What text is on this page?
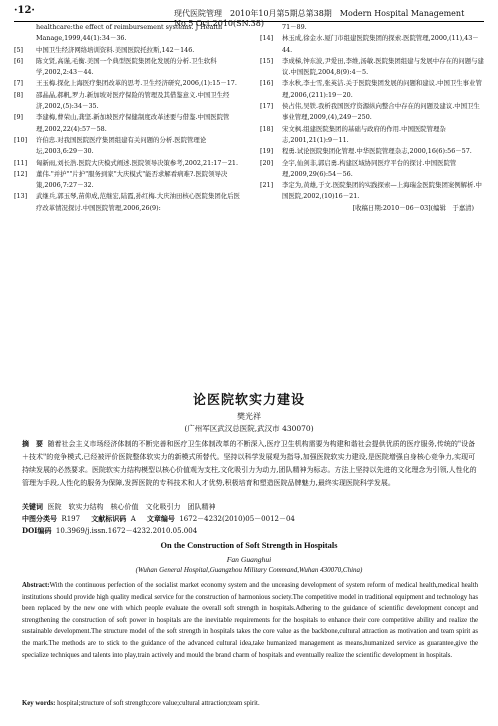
·12·	现代医院管理　2010年10月第5期总第38期　Modern Hospital Management No.5 Oct.2010(SN.38)
healthcare:the effect of reimbursement systems. J Health Manage,1999,44(1):34－36.
[5]	中国卫生经济网络培训资料.美国医院托拉斯,142－146.
[6]	陈文贤,高谨,毛衡.美国一个典型医院集团化发展的分析.卫生软科学,2002,2:43－44.
[7]	王玉梅.探化上海医疗集团改革的思考.卫生经济研究,2006,(1):15－17.
[8]	邵晶晶,郝帆,罗力.新加坡对医疗保险的管理及其借鉴意义.中国卫生经济,2002,(5):34－35.
[9]	李建梅,曹荣山,龚坚.新加坡医疗保健制度改革述要与借鉴.中国医院管理,2002,22(4):57－58.
[10]	许伯忠.对我国医院医疗集团组建有关问题的分析.医院管理论坛,2003,6:29－30.
[11]	匈新雨,刘长浩.医院大庆模式阐述.医院领导决策参考,2002,21:17－21.
[12]	董伟."并护""片护"服务到家"大庆模式"能否求解看病难?.医院领导决策,2006,7:27－32.
[13]	武继兵,郭玉琴,苗仰成,范继宏,陆霞,孙红梅.大庆油田核心医院集团化后医疗改革情况探讨.中国医院管理,2006,26(9):
71－89.
[14]	林玉成,徐金水.厦门市组建医院集团的探索.医院管理,2000,(11),43－44.
[15]	李成梯,钟东波,尹爱田,李维,汤敏.医院集团组建与发展中存在的问题与建议.中国医院,2004,8(9):4－5.
[16]	李水秋,李士雪,张英洁.关于医院集团发展的问题和建议.中国卫生事业管理,2006,(211):19－20.
[17]	侯占伟,吴铁.我析我国医疗资源纵向整合中存在的问题及建议.中国卫生事业管理,2009,(4),249－250.
[18]	宋文枫.组建医院集团的基础与政府的作用.中国医院管理杂志,2001,21(1):9－11.
[19]	程勇.试论医院集团化管理.中华医院管理杂志,2000,16(6):56－57.
[20]	全宇,仙剑非,郭启勇.构建区域协同医疗平台的探讨.中国医院管理,2009,29(6):54－56.
[21]	李定为,黄雄,于文.医院集团的实践探索—上海瑞金医院集团案例解析.中国医院,2002,(10)16－21.
[收稿日期:2010－06－03](编辑　于嘉清)
论医院软实力建设
樊光祥
(广州军区武汉总医院,武汉市 430070)
摘　要 随着社会主义市场经济体制的不断完善和医疗卫生体制改革的不断深入,医疗卫生机构需要为构建和谐社会提供优质的医疗服务,传统的"设备＋技术"的竞争模式,已经被评价医院整体软实力的新模式所替代。坚持以科学发展观为指导,加强医院软实力建设,是医院增强自身核心竞争力,实现可持续发展的必然要求。医院软实力结构模型以核心价值观为支柱,文化吸引力为动力,团队精神为标志。方法上坚持以先进的文化理念为引领,人性化的管理为手段,人性化的服务为保障,发挥医院的专科技术和人才优势,积极培育和塑造医院品牌魅力,最终实现医院科学发展。
关键词 医院　软实力结构　核心价值　文化吸引力　团队精神
中图分类号 R197 文献标识码 A 文章编号 1672－4232(2010)05－0012－04
DOI编码 10.3969/j.issn.1672－4232.2010.05.004
On the Construction of Soft Strength in Hospitals
Fan Guanghui
(Wuhan General Hospital,Guangzhou Military Command,Wuhan 430070,China)
Abstract:With the continuous perfection of the socialist market economy system and the unceasing development of system reform of medical health,medical health institutions should provide high quality medical service for the construction of harmonious society.The competitive model in traditional equipment and technology has been replaced by the new one with which people evaluate the overall soft strength in hospitals.Adhering to the guidance of scientific development concept and strengthening the construction of soft power in hospitals are the inevitable requirements for the hospitals to enhance their core competitive ability and realize the sustainable development.The structure model of the soft strength in hospitals takes the core value as the backbone,cultural attraction as motivation and team spirit as the mark.The methods are to stick to the guidance of the advanced cultural idea,take humanized management as means,humanized service as guarantee,give the specialize techniques and talents into play,train actively and mould the brand charm of hospitals and eventually realize the scientific development in hospitals.
Key words: hospital;structure of soft strength;core value;cultural attraction;team spirit.
